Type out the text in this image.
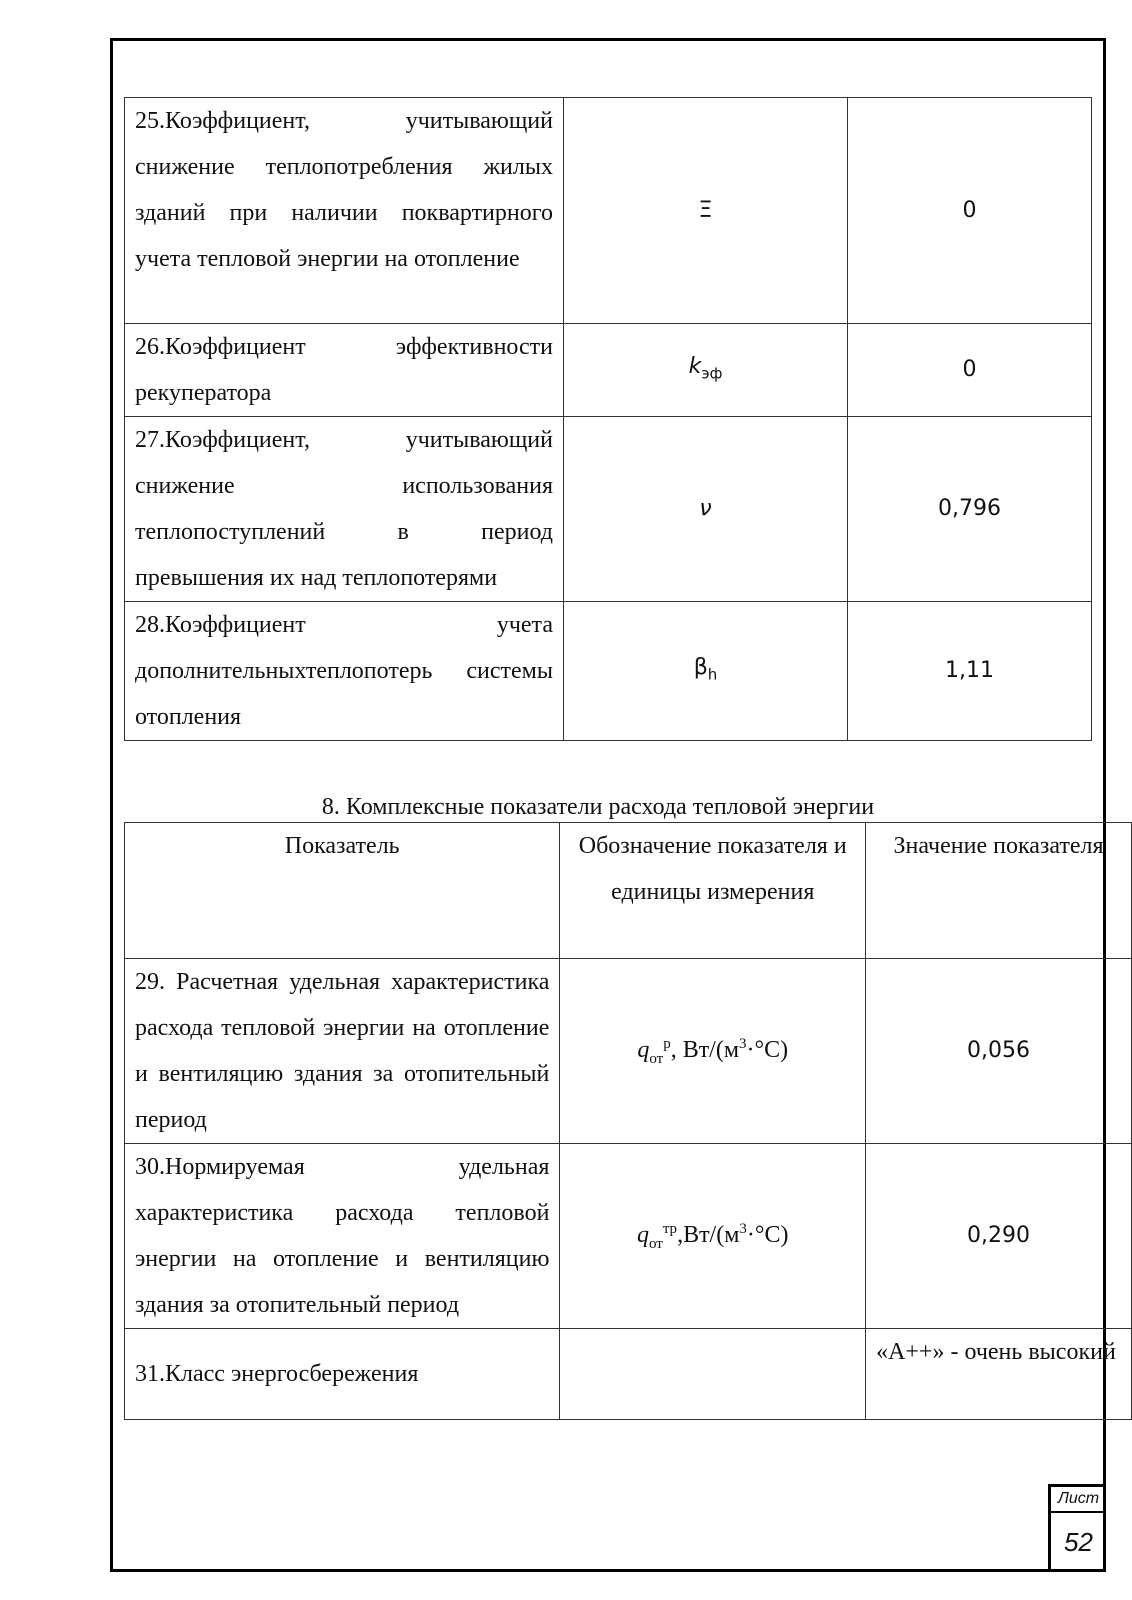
25.Коэффициент, учитывающий снижение теплопотребления жилых зданий при наличии поквартирного учета тепловой энергии на отопление	Ξ	0
26.Коэффициент эффективности рекуператора	$k_{эф}$	0
27.Коэффициент, учитывающий снижение использования теплопоступлений в период превышения их над теплопотерями	ν	0,796
28.Коэффициент учета дополнительныхтеплопотерь системы отопления	$\beta_h$	1,11
8. Комплексные показатели расхода тепловой энергии
Показатель	Обозначение показателя и единицы измерения	Значение показателя
29. Расчетная удельная характеристика расхода тепловой энергии на отопление и вентиляцию здания за отопительный период	$q_{от}^р$, $Вт/(м^3\cdot^\circ С)$	0,056
30.Нормируемая удельная характеристика расхода тепловой энергии на отопление и вентиляцию здания за отопительный период	$q_{от}^{тр},Вт/(м^3\cdot^\circ С)$	0,290
31.Класс энергосбережения		«А++» - очень высокий
Лист
52
